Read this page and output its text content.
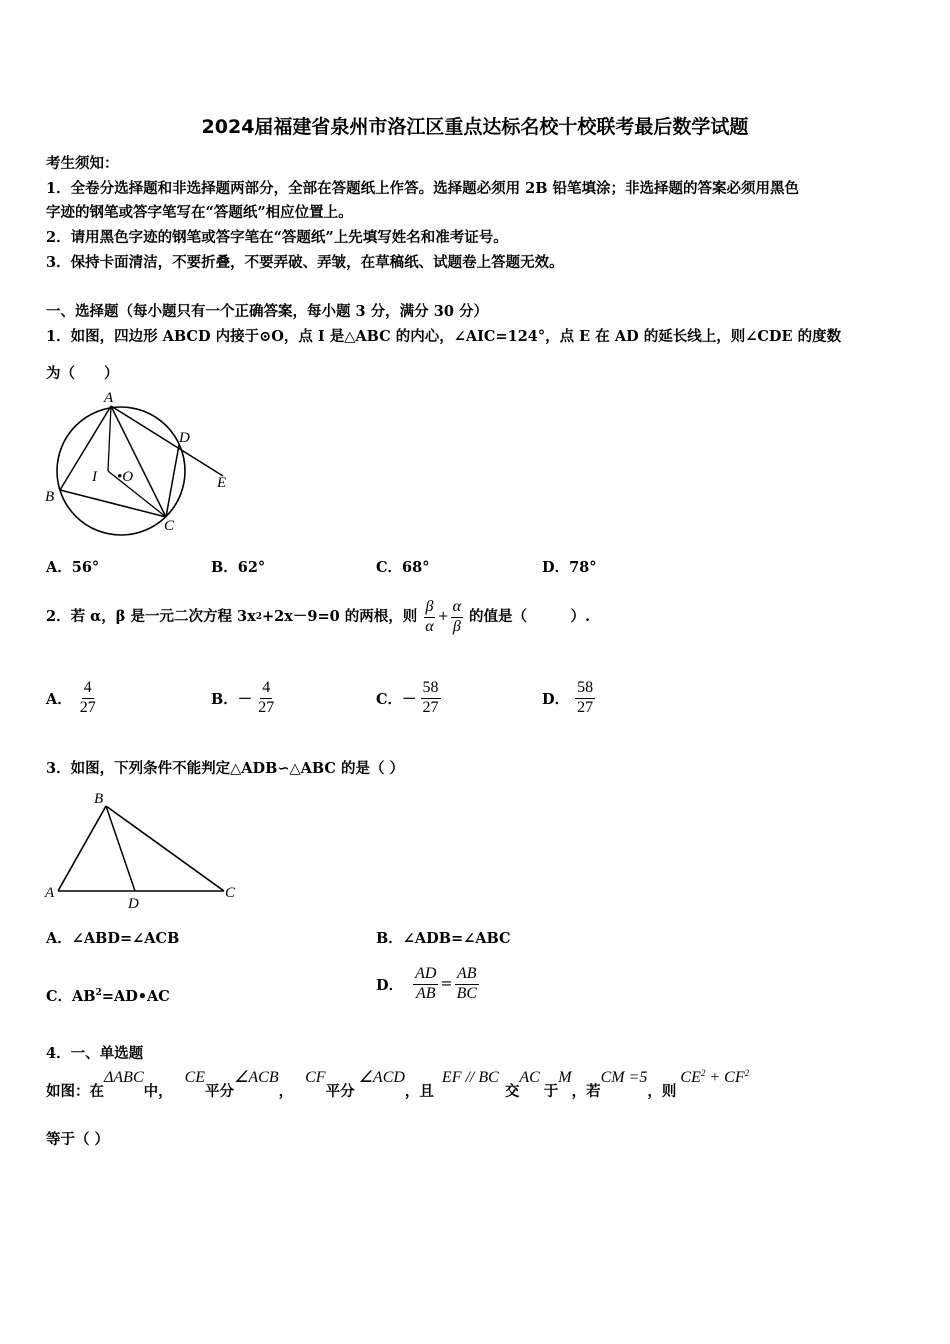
2024届福建省泉州市洛江区重点达标名校十校联考最后数学试题
考生须知：
1．全卷分选择题和非选择题两部分，全部在答题纸上作答。选择题必须用 2B 铅笔填涂；非选择题的答案必须用黑色
字迹的钢笔或答字笔写在“答题纸”相应位置上。
2．请用黑色字迹的钢笔或答字笔在“答题纸”上先填写姓名和准考证号。
3．保持卡面清洁，不要折叠，不要弄破、弄皱，在草稿纸、试题卷上答题无效。
一、选择题（每小题只有一个正确答案，每小题 3 分，满分 30 分）
1．如图，四边形 ABCD 内接于⊙O，点 I 是△ABC 的内心，∠AIC=124°，点 E 在 AD 的延长线上，则∠CDE 的度数
为（　　）
A
D
E
B
C
I •O
A．56°	B．62°	C．68°	D．78°
2．若 α，β 是一元二次方程 3x 2 +2x－9=0 的两根，则 $\frac{\beta}{\alpha} + \frac{\alpha}{\beta}$ 的值是（　　　）.
A． $\frac{4}{27}$	B． － $\frac{4}{27}$	C． － $\frac{58}{27}$	D． $\frac{58}{27}$
3．如图，下列条件不能判定△ADB∽△ABC 的是（ ）
B
A
D
C
A．∠ABD=∠ACB	B．∠ADB=∠ABC
C．$AB^2=AD•AC$
D． $\frac{AD}{AB} = \frac{AB}{BC}$
4．一、单选题
如图：在ΔABC中，CE平分∠ACB，CF平分∠ACD，且EF // BC交AC于M，若CM =5，则$CE^2 + CF^2$
等于（ ）
